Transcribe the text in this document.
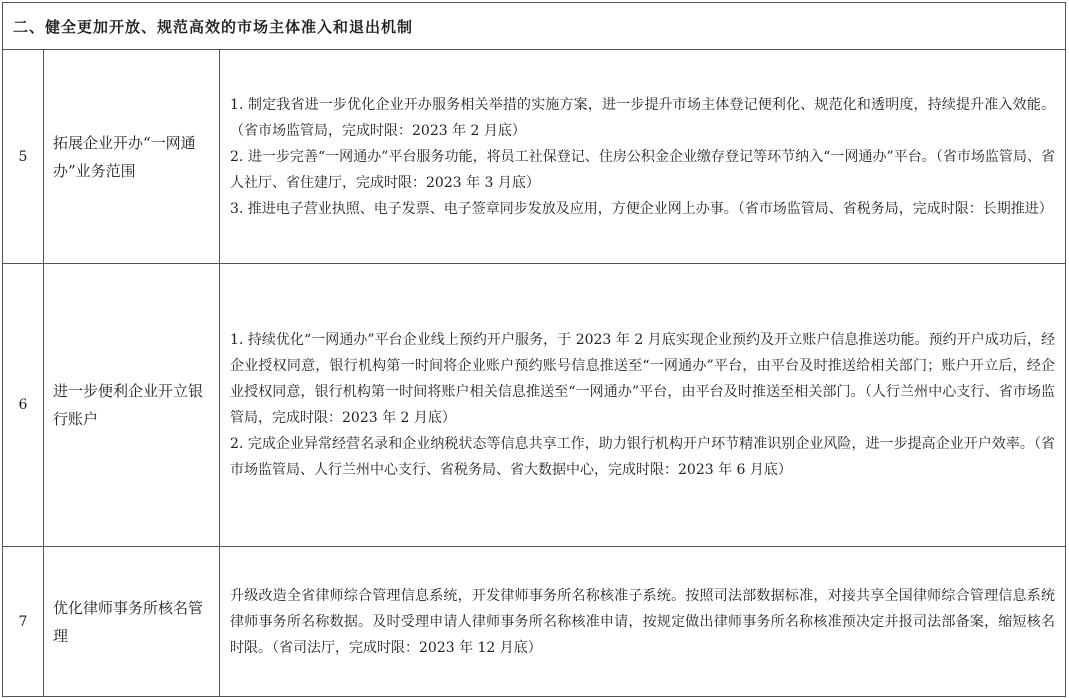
二、健全更加开放、规范高效的市场主体准入和退出机制		
5	拓展企业开办“一网通办”业务范围	1. 制定我省进一步优化企业开办服务相关举措的实施方案，进一步提升市场主体登记便利化、规范化和透明度，持续提升准入效能。（省市场监管局，完成时限：2023 年 2 月底）

2. 进一步完善“一网通办”平台服务功能，将员工社保登记、住房公积金企业缴存登记等环节纳入“一网通办”平台。（省市场监管局、省人社厅、省住建厅，完成时限：2023 年 3 月底）

3. 推进电子营业执照、电子发票、电子签章同步发放及应用，方便企业网上办事。（省市场监管局、省税务局，完成时限：长期推进）

6	进一步便利企业开立银行账户	1. 持续优化“一网通办”平台企业线上预约开户服务，于 2023 年 2 月底实现企业预约及开立账户信息推送功能。预约开户成功后，经企业授权同意，银行机构第一时间将企业账户预约账号信息推送至“一网通办”平台，由平台及时推送给相关部门；账户开立后，经企业授权同意，银行机构第一时间将账户相关信息推送至“一网通办”平台，由平台及时推送至相关部门。（人行兰州中心支行、省市场监管局，完成时限：2023 年 2 月底）

2. 完成企业异常经营名录和企业纳税状态等信息共享工作，助力银行机构开户环节精准识别企业风险，进一步提高企业开户效率。（省市场监管局、人行兰州中心支行、省税务局、省大数据中心，完成时限：2023 年 6 月底）

7	优化律师事务所核名管理	升级改造全省律师综合管理信息系统，开发律师事务所名称核准子系统。按照司法部数据标准，对接共享全国律师综合管理信息系统律师事务所名称数据。及时受理申请人律师事务所名称核准申请，按规定做出律师事务所名称核准预决定并报司法部备案，缩短核名时限。（省司法厅，完成时限：2023 年 12 月底）
